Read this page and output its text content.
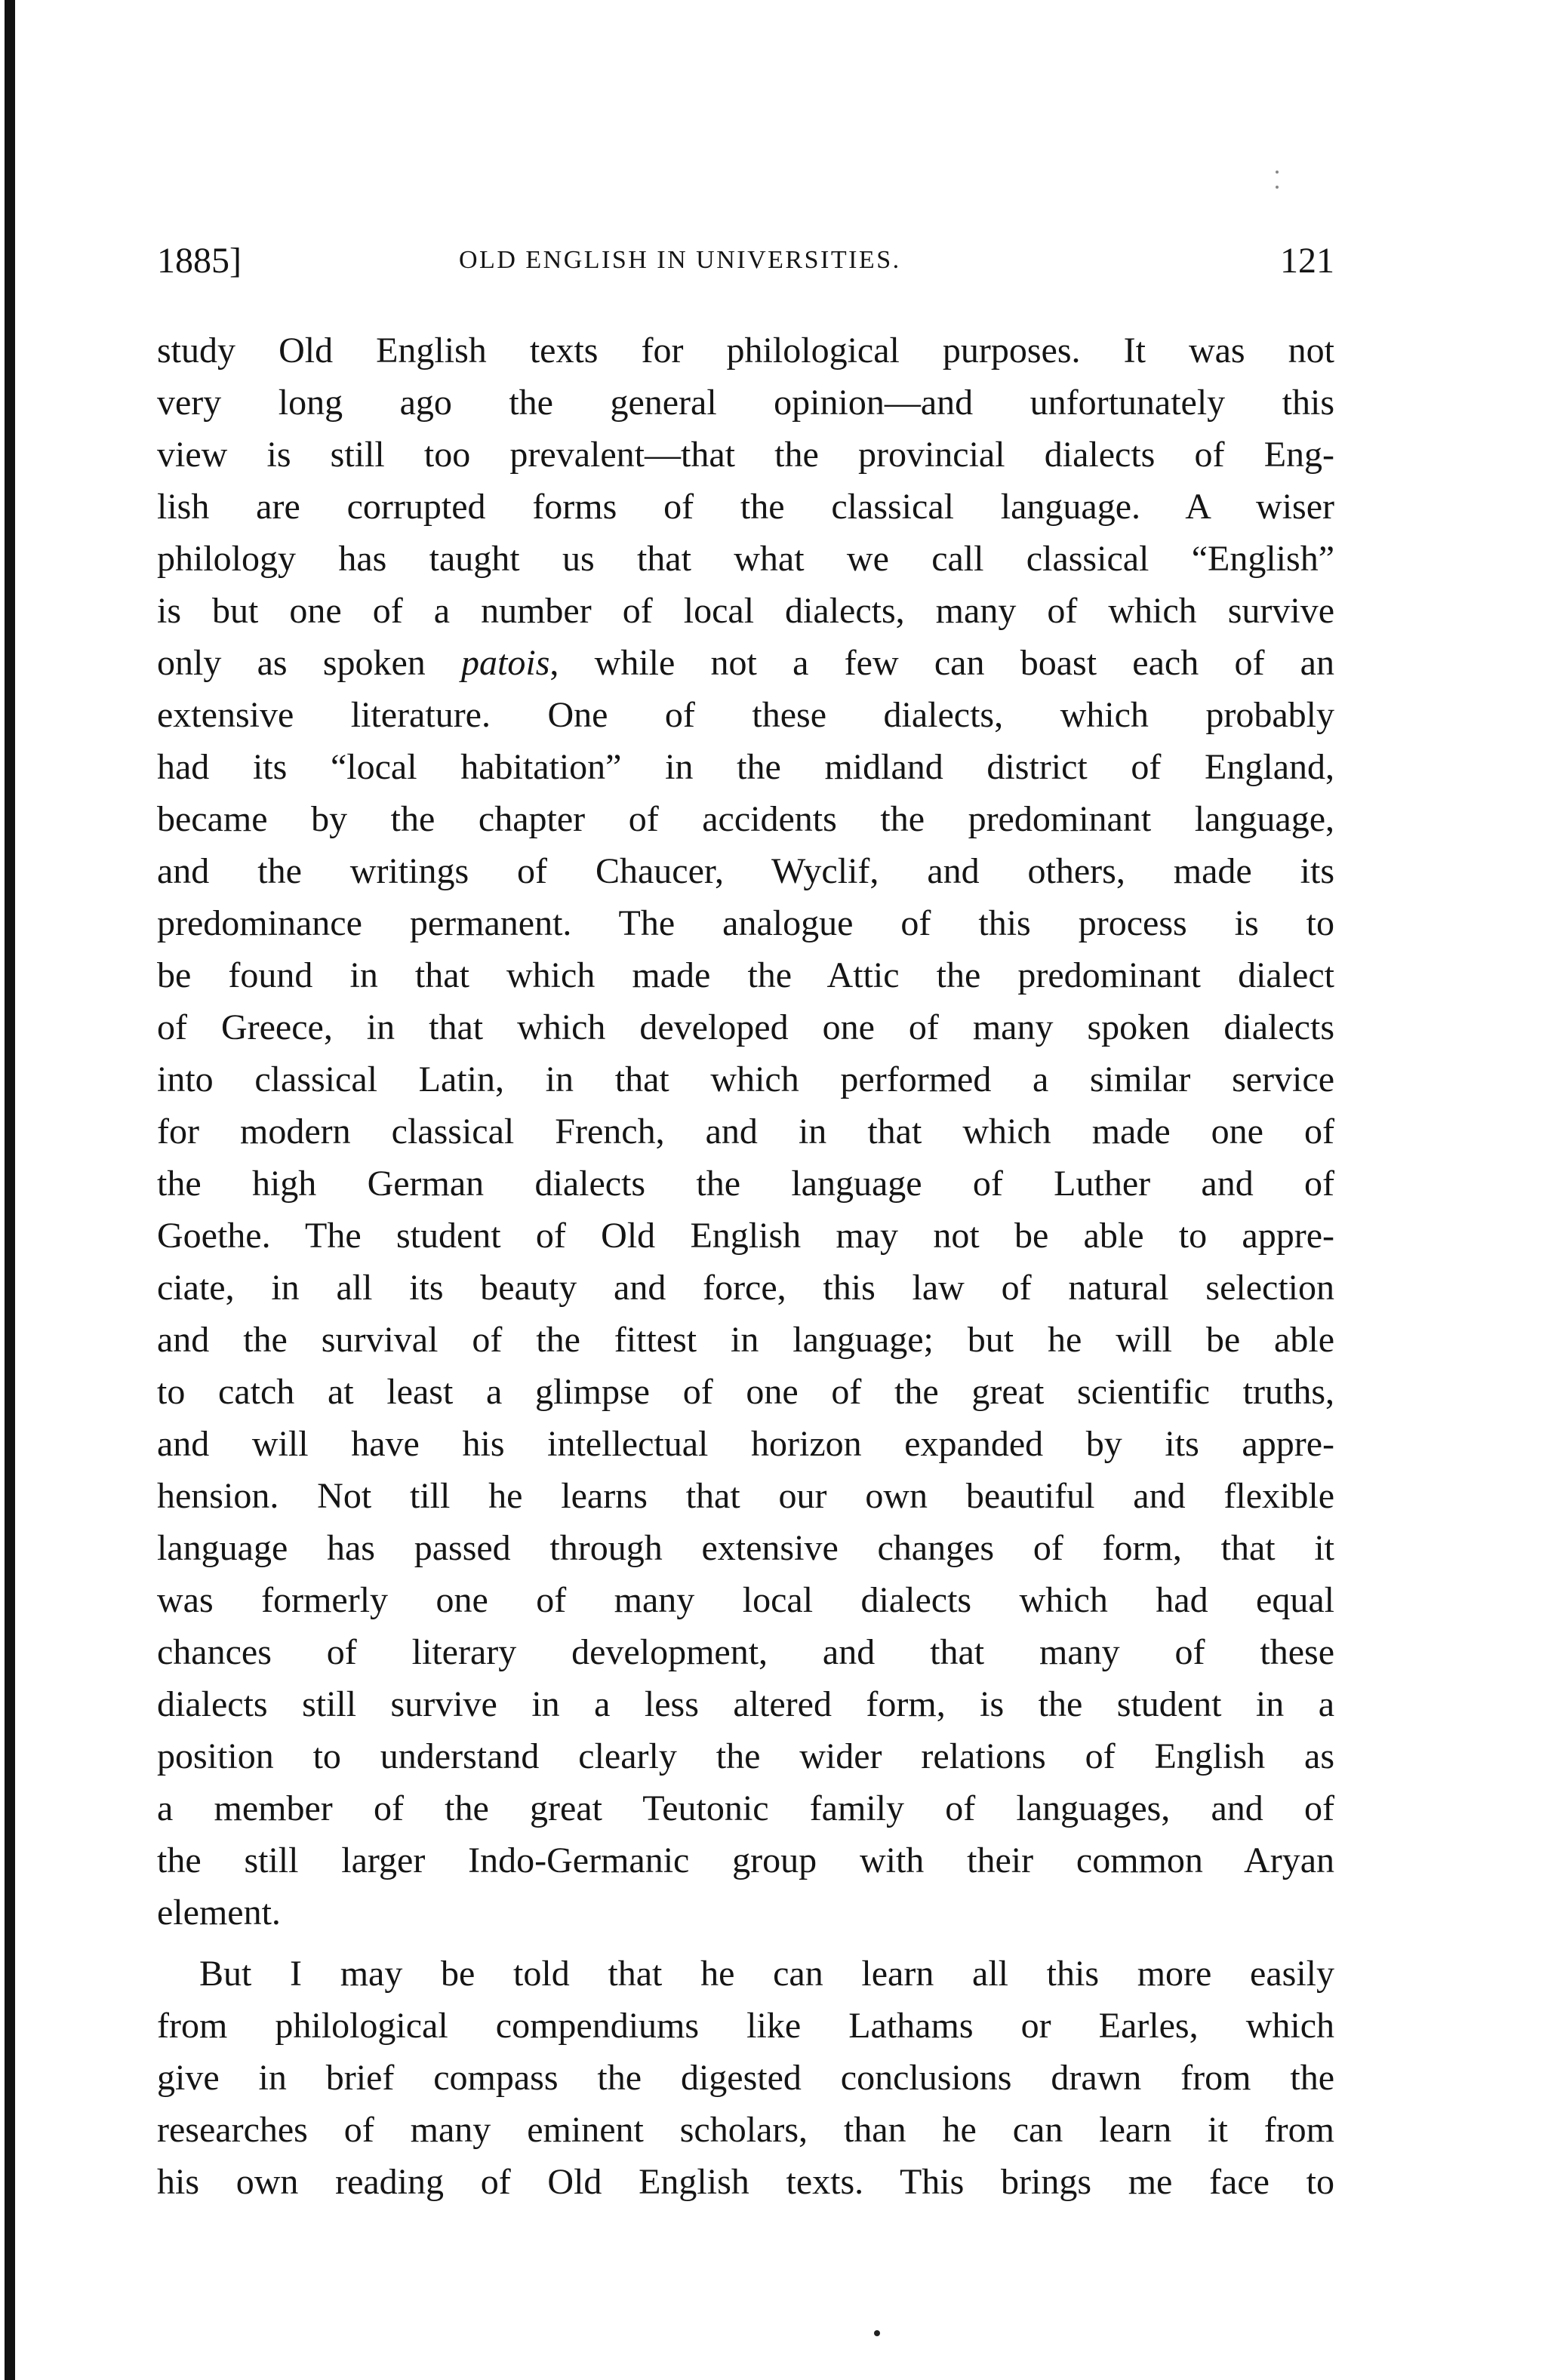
1885]	OLD ENGLISH IN UNIVERSITIES.	121
study Old English texts for philological purposes. It was not
very long ago the general opinion—and unfortunately this
view is still too prevalent—that the provincial dialects of Eng-
lish are corrupted forms of the classical language. A wiser
philology has taught us that what we call classical “English”
is but one of a number of local dialects, many of which survive
only as spoken patois, while not a few can boast each of an
extensive literature. One of these dialects, which probably
had its “local habitation” in the midland district of England,
became by the chapter of accidents the predominant language,
and the writings of Chaucer, Wyclif, and others, made its
predominance permanent. The analogue of this process is to
be found in that which made the Attic the predominant dialect
of Greece, in that which developed one of many spoken dialects
into classical Latin, in that which performed a similar service
for modern classical French, and in that which made one of
the high German dialects the language of Luther and of
Goethe. The student of Old English may not be able to appre-
ciate, in all its beauty and force, this law of natural selection
and the survival of the fittest in language; but he will be able
to catch at least a glimpse of one of the great scientific truths,
and will have his intellectual horizon expanded by its appre-
hension. Not till he learns that our own beautiful and flexible
language has passed through extensive changes of form, that it
was formerly one of many local dialects which had equal
chances of literary development, and that many of these
dialects still survive in a less altered form, is the student in a
position to understand clearly the wider relations of English as
a member of the great Teutonic family of languages, and of
the still larger Indo-Germanic group with their common Aryan
element.
But I may be told that he can learn all this more easily
from philological compendiums like Lathams or Earles, which
give in brief compass the digested conclusions drawn from the
researches of many eminent scholars, than he can learn it from
his own reading of Old English texts. This brings me face to
